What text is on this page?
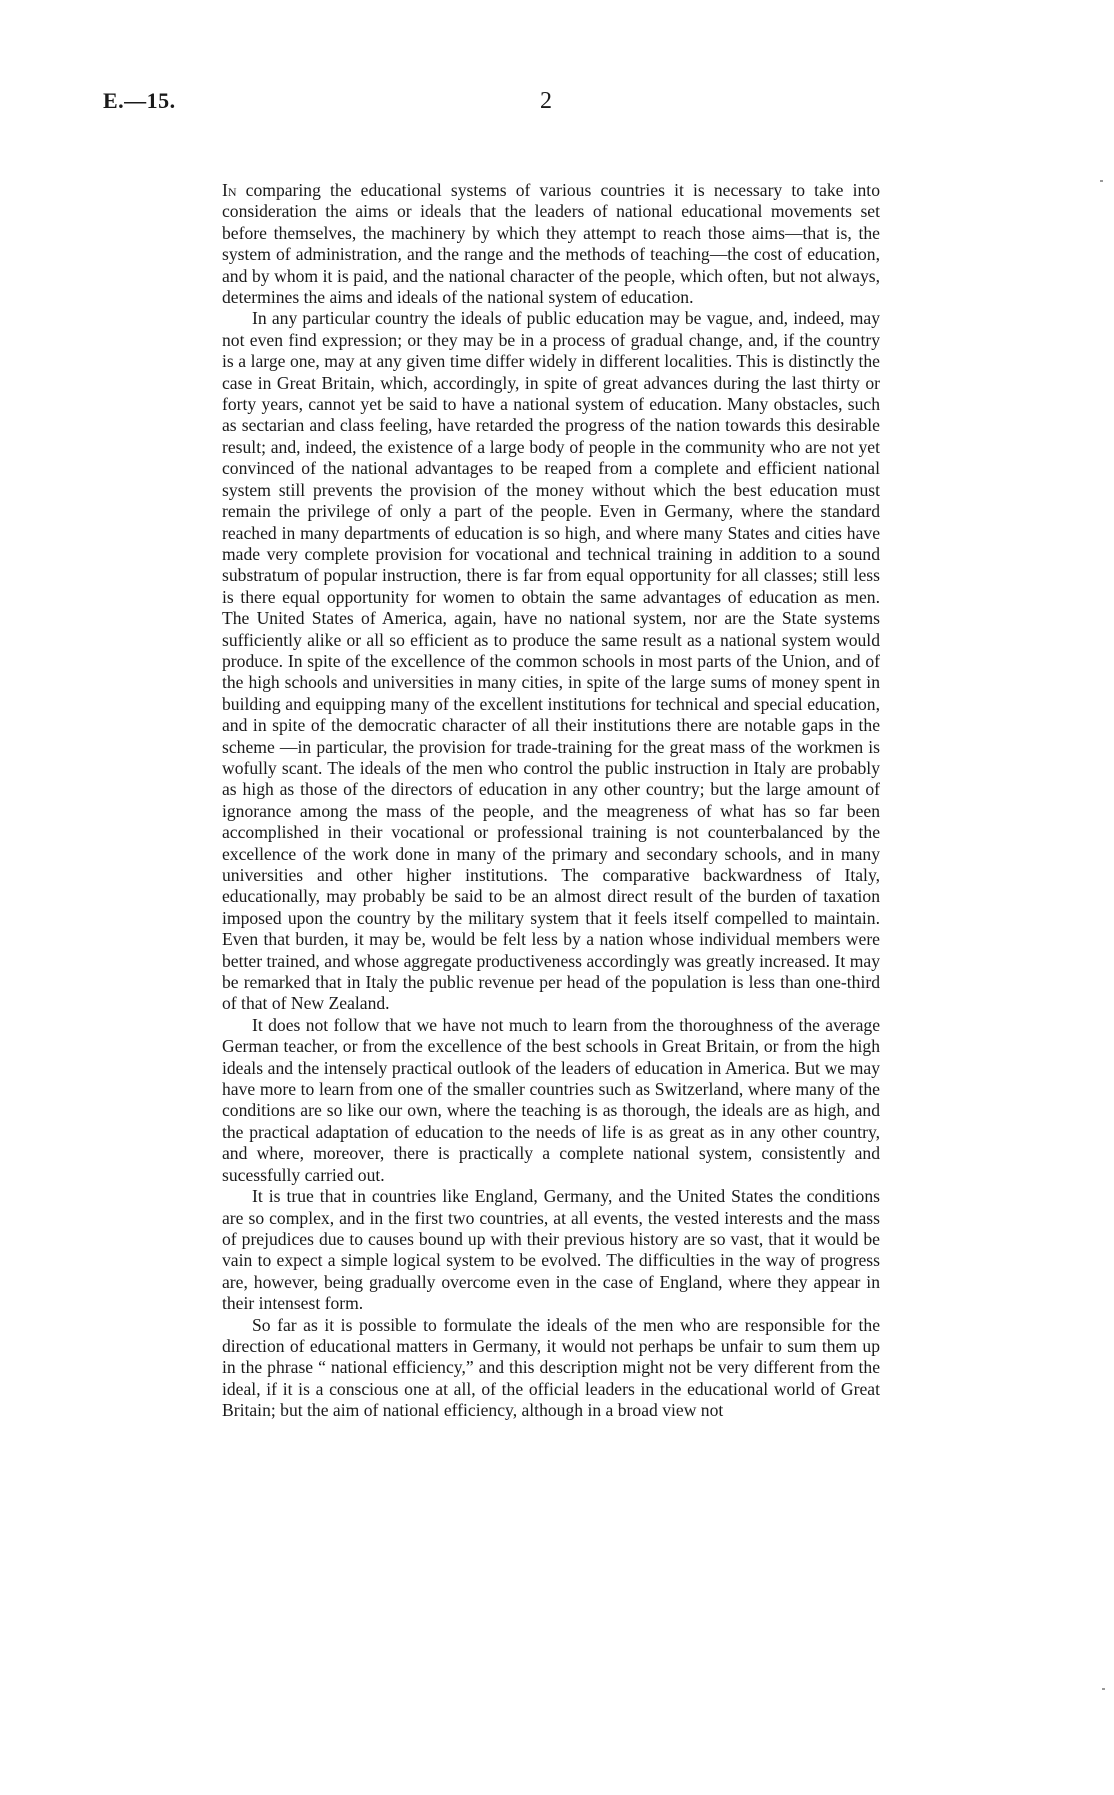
E.—15.	2

In comparing the educational systems of various countries it is necessary to take into consideration the aims or ideals that the leaders of national educational movements set before themselves, the machinery by which they attempt to reach those aims—that is, the system of administration, and the range and the methods of teaching—the cost of education, and by whom it is paid, and the national character of the people, which often, but not always, determines the aims and ideals of the national system of education.

In any particular country the ideals of public education may be vague, and, indeed, may not even find expression; or they may be in a process of gradual change, and, if the country is a large one, may at any given time differ widely in different localities. This is distinctly the case in Great Britain, which, accordingly, in spite of great advances during the last thirty or forty years, cannot yet be said to have a national system of education. Many obstacles, such as sectarian and class feeling, have retarded the progress of the nation towards this desirable result; and, indeed, the existence of a large body of people in the community who are not yet convinced of the national advantages to be reaped from a complete and efficient national system still prevents the provision of the money without which the best education must remain the privilege of only a part of the people. Even in Germany, where the standard reached in many departments of education is so high, and where many States and cities have made very complete provision for vocational and technical training in addition to a sound substratum of popular instruction, there is far from equal opportunity for all classes; still less is there equal opportunity for women to obtain the same advantages of education as men. The United States of America, again, have no national system, nor are the State systems sufficiently alike or all so efficient as to produce the same result as a national system would produce. In spite of the excellence of the common schools in most parts of the Union, and of the high schools and universities in many cities, in spite of the large sums of money spent in building and equipping many of the excellent institutions for technical and special education, and in spite of the democratic character of all their institutions there are notable gaps in the scheme —in particular, the provision for trade-training for the great mass of the workmen is wofully scant. The ideals of the men who control the public instruction in Italy are probably as high as those of the directors of education in any other country; but the large amount of ignorance among the mass of the people, and the meagreness of what has so far been accomplished in their vocational or professional training is not counterbalanced by the excellence of the work done in many of the primary and secondary schools, and in many universities and other higher institutions. The comparative backwardness of Italy, educationally, may probably be said to be an almost direct result of the burden of taxation imposed upon the country by the military system that it feels itself compelled to maintain. Even that burden, it may be, would be felt less by a nation whose individual members were better trained, and whose aggregate productiveness accordingly was greatly increased. It may be remarked that in Italy the public revenue per head of the population is less than one-third of that of New Zealand.

It does not follow that we have not much to learn from the thoroughness of the average German teacher, or from the excellence of the best schools in Great Britain, or from the high ideals and the intensely practical outlook of the leaders of education in America. But we may have more to learn from one of the smaller countries such as Switzerland, where many of the conditions are so like our own, where the teaching is as thorough, the ideals are as high, and the practical adaptation of education to the needs of life is as great as in any other country, and where, moreover, there is practically a complete national system, consistently and sucessfully carried out.

It is true that in countries like England, Germany, and the United States the conditions are so complex, and in the first two countries, at all events, the vested interests and the mass of prejudices due to causes bound up with their previous history are so vast, that it would be vain to expect a simple logical system to be evolved. The difficulties in the way of progress are, however, being gradually overcome even in the case of England, where they appear in their intensest form.

So far as it is possible to formulate the ideals of the men who are responsible for the direction of educational matters in Germany, it would not perhaps be unfair to sum them up in the phrase “ national efficiency,” and this description might not be very different from the ideal, if it is a conscious one at all, of the official leaders in the educational world of Great Britain; but the aim of national efficiency, although in a broad view not
